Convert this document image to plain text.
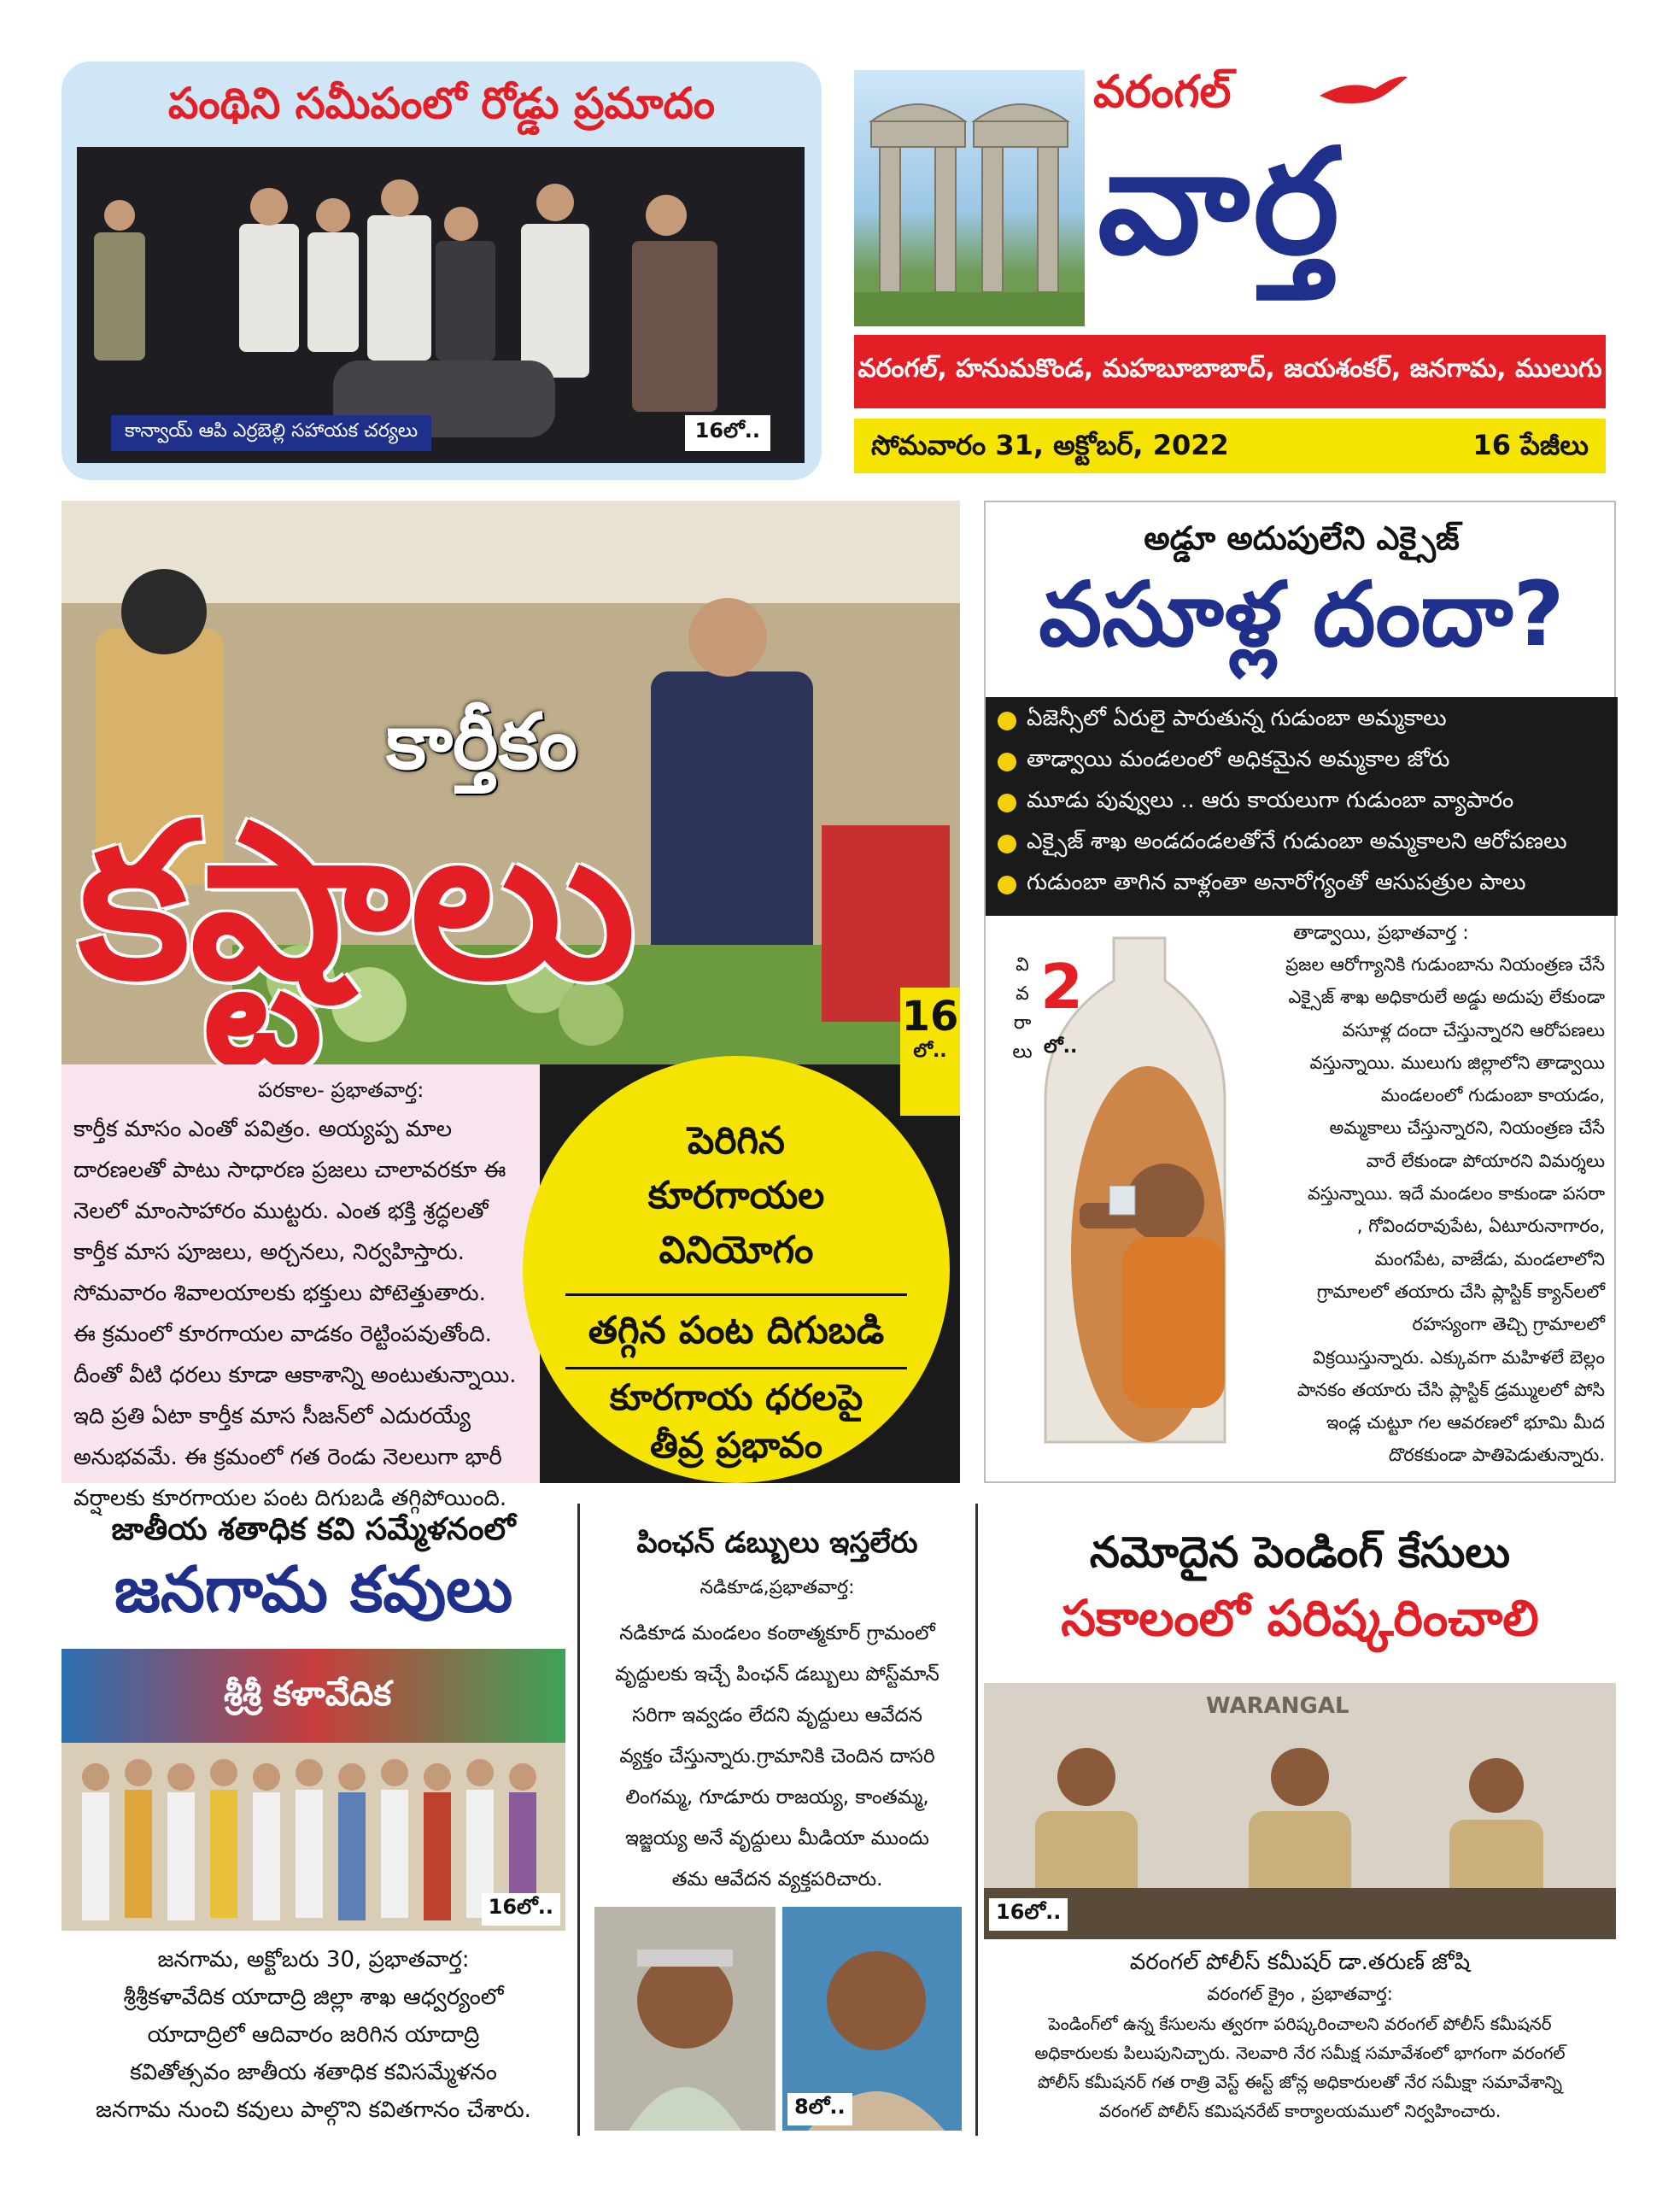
పంథిని సమీపంలో రోడ్డు ప్రమాదం
కాన్వాయ్ ఆపి ఎర్రబెల్లి సహాయక చర్యలు	16లో..
వరంగల్
వార్త
వరంగల్, హనుమకొండ, మహబూబాబాద్, జయశంకర్, జనగామ, ములుగు
సోమవారం 31, అక్టోబర్, 2022	16 పేజీలు
కార్తీకం
కష్టాలు	16
లో..
పరకాల- ప్రభాతవార్త:
కార్తీక మాసం ఎంతో పవిత్రం. అయ్యప్ప మాల
దారణలతో పాటు సాధారణ ప్రజలు చాలావరకూ ఈ
నెలలో మాంసాహారం ముట్టరు. ఎంత భక్తి శ్రద్ధలతో
కార్తీక మాస పూజలు, అర్చనలు, నిర్వహిస్తారు.
సోమవారం శివాలయాలకు భక్తులు పోటెత్తుతారు.
ఈ క్రమంలో కూరగాయల వాడకం రెట్టింపవుతోంది.
దీంతో వీటి ధరలు కూడా ఆకాశాన్ని అంటుతున్నాయి.
ఇది ప్రతి ఏటా కార్తీక మాస సీజన్‌లో ఎదురయ్యే
అనుభవమే. ఈ క్రమంలో గత రెండు నెలలుగా భారీ
వర్షాలకు కూరగాయల పంట దిగుబడి తగ్గిపోయింది.
పెరిగిన
కూరగాయల
వినియోగం
తగ్గిన పంట దిగుబడి
కూరగాయ ధరలపై
తీవ్ర ప్రభావం
అడ్డూ అదుపులేని ఎక్సైజ్
వసూళ్ల దందా?
ఏజెన్సీలో ఏరులై పారుతున్న గుడుంబా అమ్మకాలు
తాడ్వాయి మండలంలో అధికమైన అమ్మకాల జోరు
మూడు పువ్వులు .. ఆరు కాయలుగా గుడుంబా వ్యాపారం
ఎక్సైజ్ శాఖ అండదండలతోనే గుడుంబా అమ్మకాలని ఆరోపణలు
గుడుంబా తాగిన వాళ్లంతా అనారోగ్యంతో ఆసుపత్రుల పాలు
వి
వ
రా
లు
2
లో..
తాడ్వాయి, ప్రభాతవార్త :
ప్రజల ఆరోగ్యానికి గుడుంబాను నియంత్రణ చేసే
ఎక్సైజ్ శాఖ అధికారులే అడ్డు అదుపు లేకుండా
వసూళ్ల దందా చేస్తున్నారని ఆరోపణలు
వస్తున్నాయి. ములుగు జిల్లాలోని తాడ్వాయి
మండలంలో గుడుంబా కాయడం,
అమ్మకాలు చేస్తున్నారని, నియంత్రణ చేసే
వారే లేకుండా పోయారని విమర్శలు
వస్తున్నాయి. ఇదే మండలం కాకుండా పసరా
, గోవిందరావుపేట, ఏటూరునాగారం,
మంగపేట, వాజేడు, మండలాలోని
గ్రామాలలో తయారు చేసి ప్లాస్టిక్ క్యాన్‌లలో
రహస్యంగా తెచ్చి గ్రామాలలో
విక్రయిస్తున్నారు. ఎక్కువగా మహిళలే బెల్లం
పానకం తయారు చేసి ప్లాస్టిక్ డ్రమ్ములలో పోసి
ఇండ్ల చుట్టూ గల ఆవరణలో భూమి మీద
దొరకకుండా పాతిపెడుతున్నారు.
జాతీయ శతాధిక కవి సమ్మేళనంలో
జనగామ కవులు
శ్రీశ్రీ కళావేదిక
16లో..
జనగామ, అక్టోబరు 30, ప్రభాతవార్త:
శ్రీశ్రీకళావేదిక యాదాద్రి జిల్లా శాఖ ఆధ్వర్యంలో
యాదాద్రిలో ఆదివారం జరిగిన యాదాద్రి
కవితోత్సవం జాతీయ శతాధిక కవిసమ్మేళనం
జనగామ నుంచి కవులు పాల్గొని కవితగానం చేశారు.
పింఛన్ డబ్బులు ఇస్తలేరు
నడికూడ,ప్రభాతవార్త:
నడికూడ మండలం కంఠాత్మకూర్ గ్రామంలో
వృద్దులకు ఇచ్చే పింఛన్ డబ్బులు పోస్ట్‌మాన్
సరిగా ఇవ్వడం లేదని వృద్దులు ఆవేదన
వ్యక్తం చేస్తున్నారు.గ్రామానికి చెందిన దాసరి
లింగమ్మ, గూడూరు రాజయ్య, కాంతమ్మ,
ఇజ్జయ్య అనే వృద్దులు మీడియా ముందు
తమ ఆవేదన వ్యక్తపరిచారు.
8లో..
నమోదైన పెండింగ్ కేసులు
సకాలంలో పరిష్కరించాలి
WARANGAL
16లో..
వరంగల్ పోలీస్ కమీషర్ డా.తరుణ్ జోషి
వరంగల్ క్రైం , ప్రభాతవార్త:
పెండింగ్‌లో ఉన్న కేసులను త్వరగా పరిష్కరించాలని వరంగల్ పోలీస్ కమీషనర్
అధికారులకు పిలుపునిచ్చారు. నెలవారి నేర సమీక్ష సమావేశంలో భాగంగా వరంగల్
పోలీస్ కమీషనర్ గత రాత్రి వెస్ట్ ఈస్ట్ జోన్ల అధికారులతో నేర సమీక్షా సమావేశాన్ని
వరంగల్ పోలీస్ కమిషనరేట్ కార్యాలయములో నిర్వహించారు.
